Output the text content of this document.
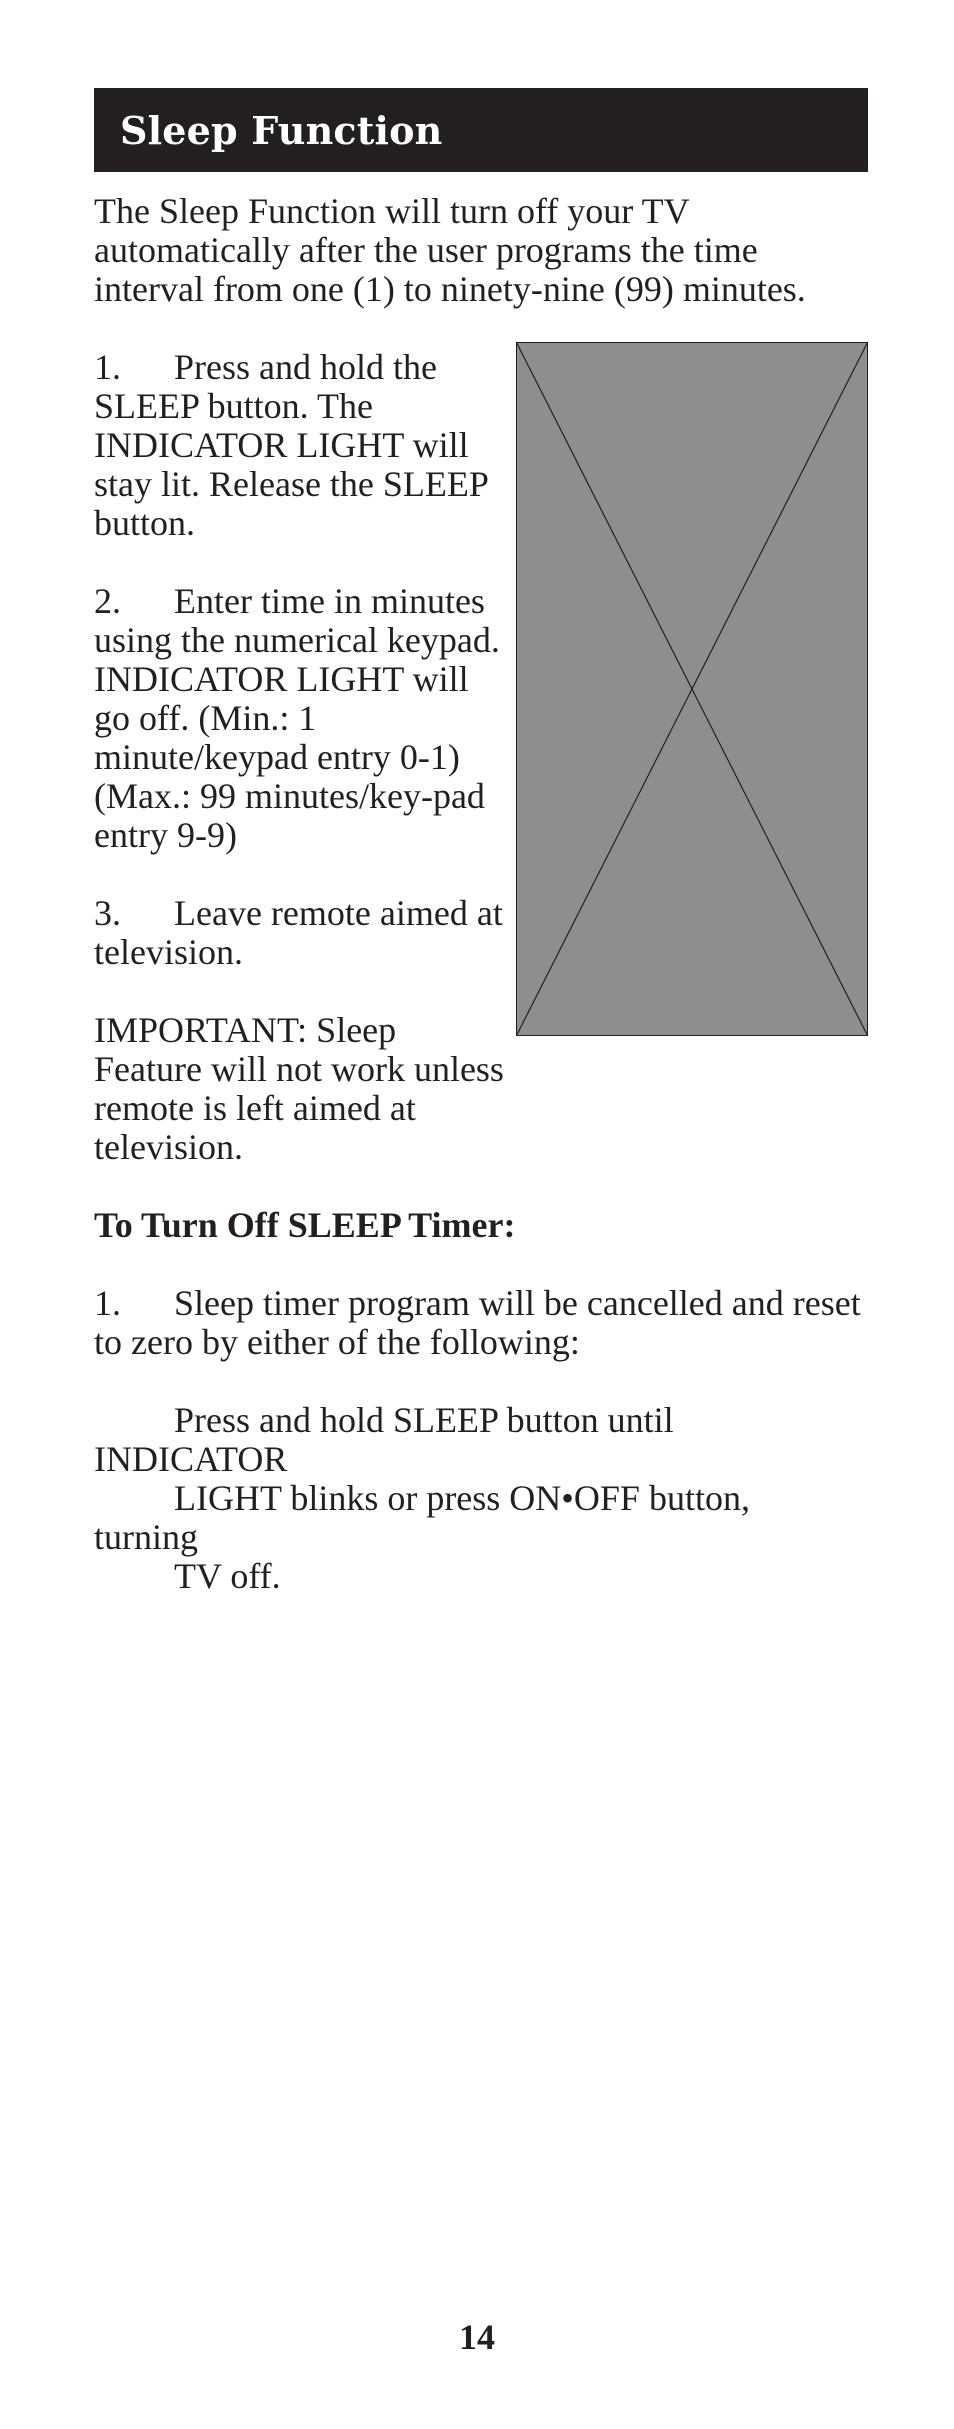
Sleep Function

The Sleep Function will turn off your TV automatically after the user programs the time interval from one (1) to ninety-nine (99) minutes.

1. Press and hold the SLEEP button. The INDICATOR LIGHT will stay lit. Release the SLEEP button.

2. Enter time in minutes using the numerical keypad. INDICATOR LIGHT will go off. (Min.: 1 minute/keypad entry 0-1)
(Max.: 99 minutes/key-pad entry 9-9)

3. Leave remote aimed at television.

IMPORTANT: Sleep Feature will not work unless remote is left aimed at television.

To Turn Off SLEEP Timer:

1. Sleep timer program will be cancelled and reset to zero by either of the following:

Press and hold SLEEP button until
INDICATOR
LIGHT blinks or press ON•OFF button,
turning
TV off.
14
